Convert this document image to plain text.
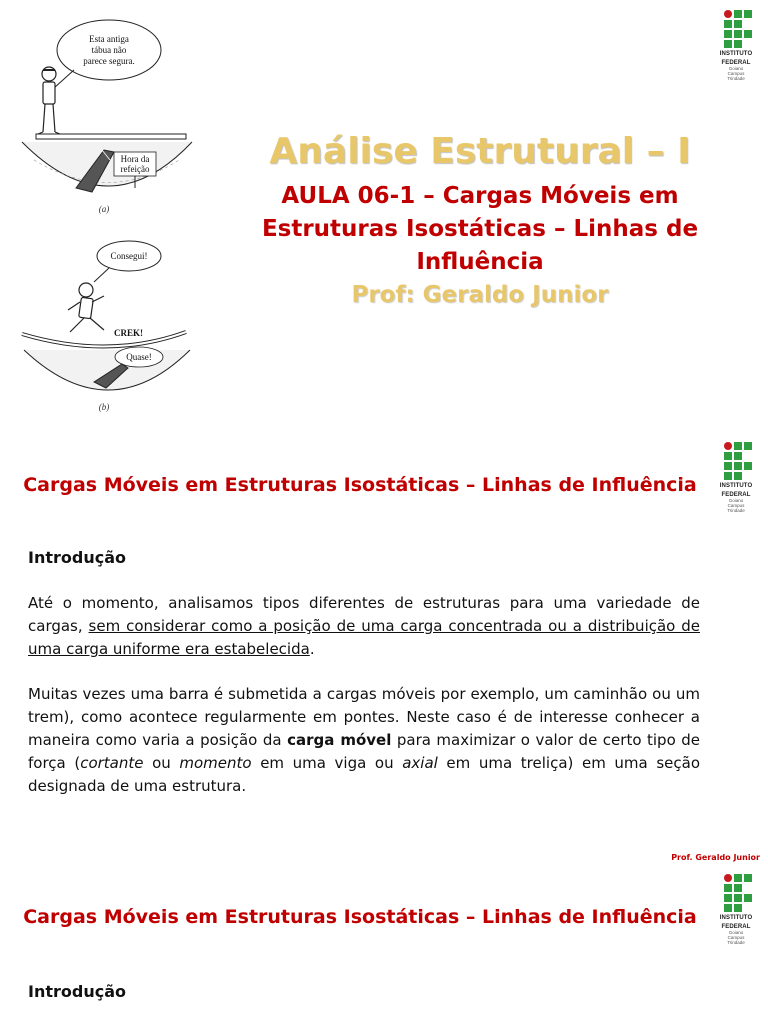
Esta antiga
tábua não
parece segura.
Hora da
refeição
(a)
Consegui!
CREK!
Quase!
(b)
INSTITUTO
FEDERAL
Goiano
Campus
Trindade
Análise Estrutural – I
AULA 06-1 – Cargas Móveis em Estruturas Isostáticas – Linhas de Influência
Prof: Geraldo Junior
INSTITUTO
FEDERAL
Goiano
Campus
Trindade
Cargas Móveis em Estruturas Isostáticas – Linhas de Influência
Introdução

Até o momento, analisamos tipos diferentes de estruturas para uma variedade de cargas, sem considerar como a posição de uma carga concentrada ou a distribuição de uma carga uniforme era estabelecida.

Muitas vezes uma barra é submetida a cargas móveis por exemplo, um caminhão ou um trem), como acontece regularmente em pontes. Neste caso é de interesse conhecer a maneira como varia a posição da carga móvel para maximizar o valor de certo tipo de força (cortante ou momento em uma viga ou axial em uma treliça) em uma seção designada de uma estrutura.

Prof. Geraldo Junior
INSTITUTO
FEDERAL
Goiano
Campus
Trindade
Cargas Móveis em Estruturas Isostáticas – Linhas de Influência
Introdução
